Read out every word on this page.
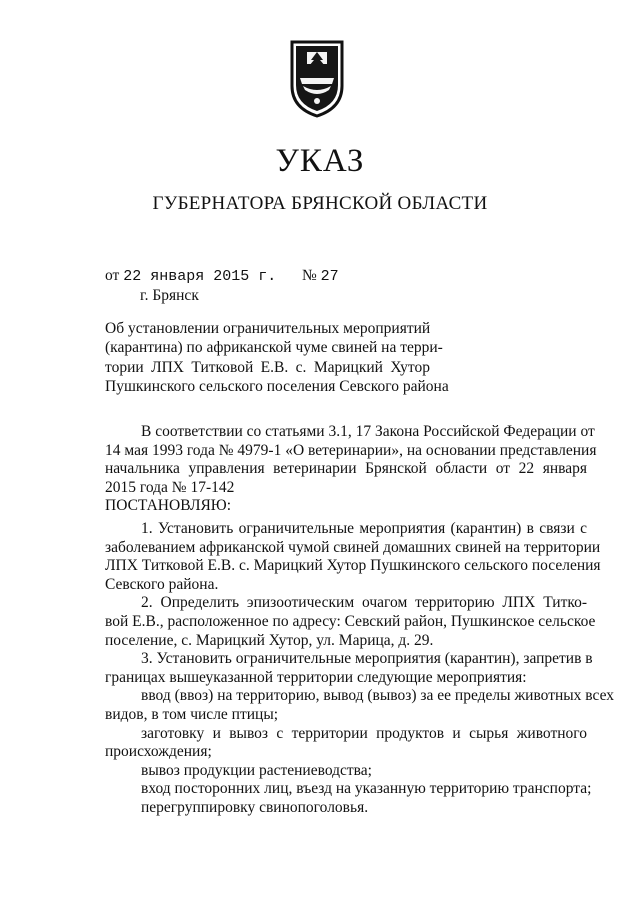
УКАЗ
ГУБЕРНАТОРА БРЯНСКОЙ ОБЛАСТИ
от 22 января 2015 г. № 27
г. Брянск
Об установлении ограничительных мероприятий
(карантина) по африканской чуме свиней на терри-
тории ЛПХ Титковой Е.В. с. Марицкий Хутор
Пушкинского сельского поселения Севского района
В соответствии со статьями 3.1, 17 Закона Российской Федерации от
14 мая 1993 года № 4979-1 «О ветеринарии», на основании представления
начальника управления ветеринарии Брянской области от 22 января
2015 года № 17-142
ПОСТАНОВЛЯЮ:
1. Установить ограничительные мероприятия (карантин) в связи с
заболеванием африканской чумой свиней домашних свиней на территории
ЛПХ Титковой Е.В. с. Марицкий Хутор Пушкинского сельского поселения
Севского района.
2. Определить эпизоотическим очагом территорию ЛПХ Титко-
вой Е.В., расположенное по адресу: Севский район, Пушкинское сельское
поселение, с. Марицкий Хутор, ул. Марица, д. 29.
3. Установить ограничительные мероприятия (карантин), запретив в
границах вышеуказанной территории следующие мероприятия:
ввод (ввоз) на территорию, вывод (вывоз) за ее пределы животных всех
видов, в том числе птицы;
заготовку и вывоз с территории продуктов и сырья животного
происхождения;
вывоз продукции растениеводства;
вход посторонних лиц, въезд на указанную территорию транспорта;
перегруппировку свинопоголовья.
